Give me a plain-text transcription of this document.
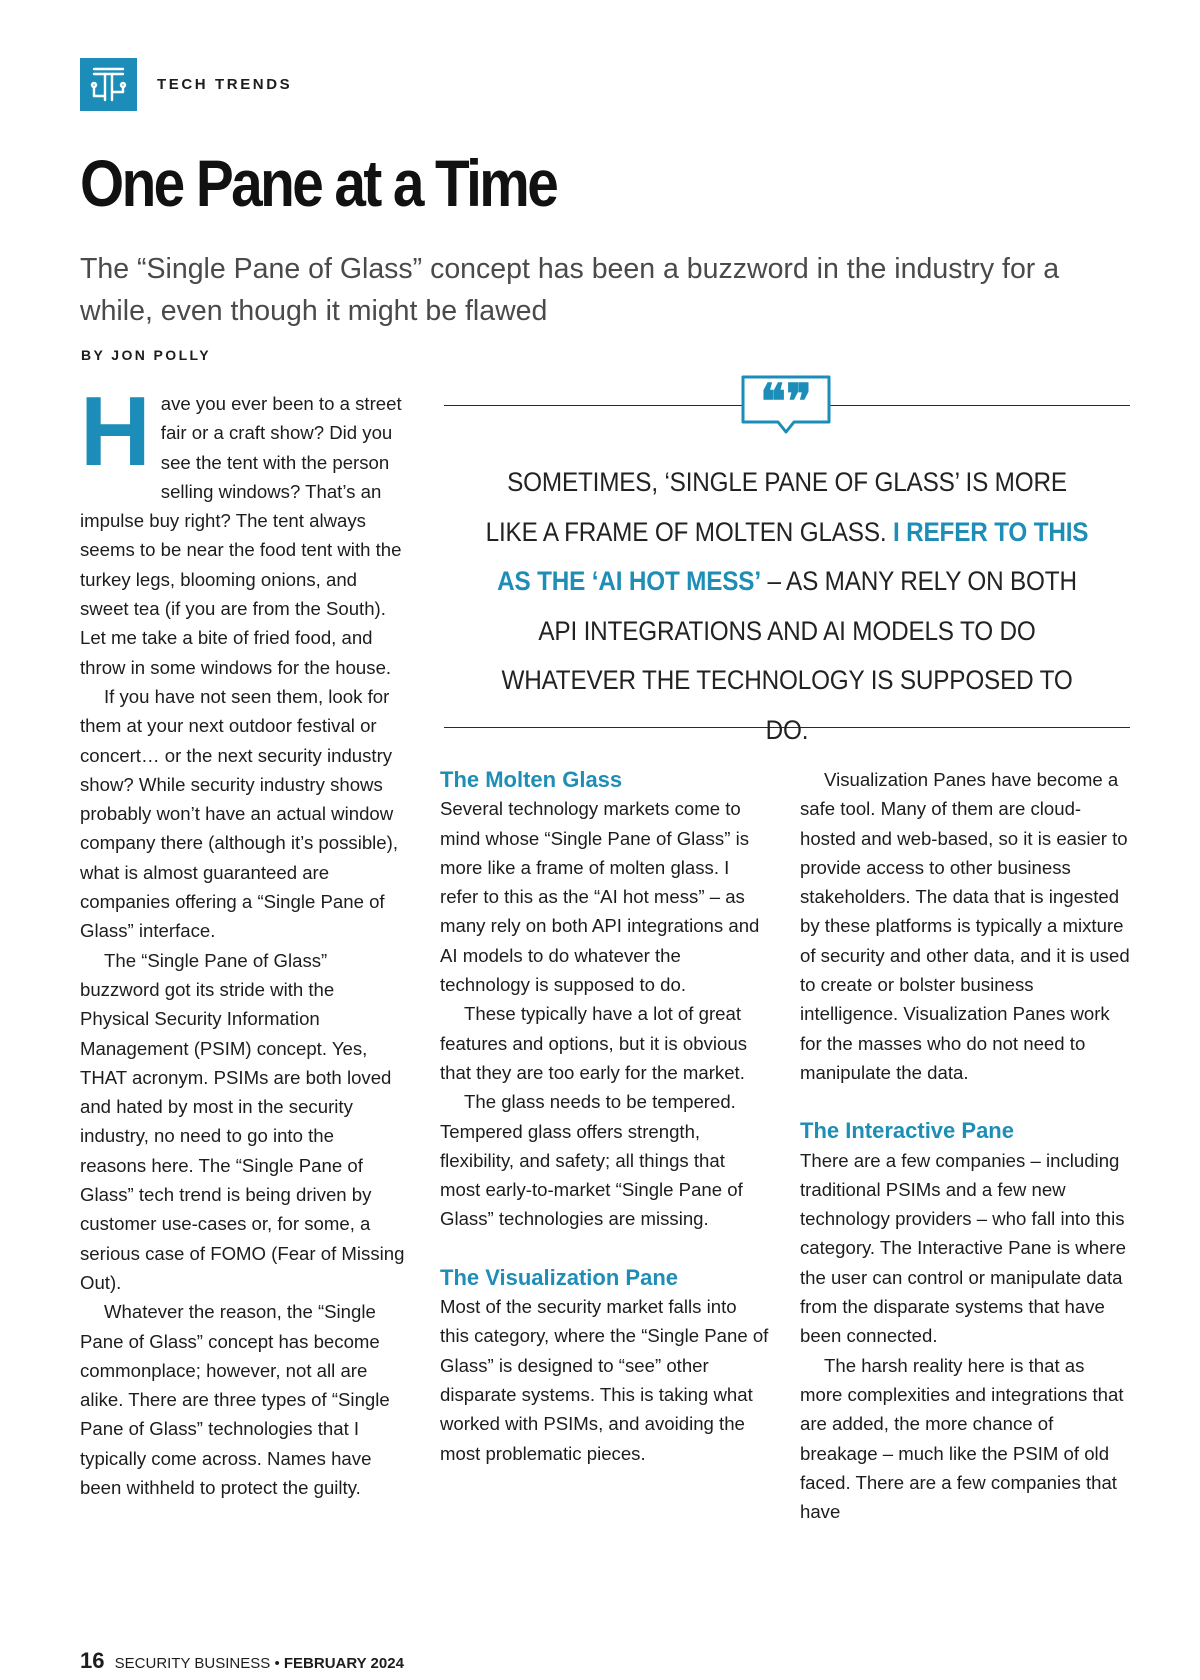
TECH TRENDS
One Pane at a Time

The “Single Pane of Glass” concept has been a buzzword in the industry for a while, even though it might be flawed

BY JON POLLY
H ave you ever been to a street fair or a craft show? Did you see the tent with the person selling windows? That’s an impulse buy right? The tent always seems to be near the food tent with the turkey legs, blooming onions, and sweet tea (if you are from the South). Let me take a bite of fried food, and throw in some windows for the house.

If you have not seen them, look for them at your next outdoor festival or concert… or the next security industry show? While security industry shows probably won’t have an actual window company there (although it’s possible), what is almost guaranteed are companies offering a “Single Pane of Glass” interface.

The “Single Pane of Glass” buzzword got its stride with the Physical Security Information Management (PSIM) concept. Yes, THAT acronym. PSIMs are both loved and hated by most in the security industry, no need to go into the reasons here. The “Single Pane of Glass” tech trend is being driven by customer use-cases or, for some, a serious case of FOMO (Fear of Missing Out).

Whatever the reason, the “Single Pane of Glass” concept has become commonplace; however, not all are alike. There are three types of “Single Pane of Glass” technologies that I typically come across. Names have been withheld to protect the guilty.

❝❞

SOMETIMES, ‘SINGLE PANE OF GLASS’ IS MORE LIKE A FRAME OF MOLTEN GLASS. I REFER TO THIS AS THE ‘AI HOT MESS’ – AS MANY RELY ON BOTH API INTEGRATIONS AND AI MODELS TO DO WHATEVER THE TECHNOLOGY IS SUPPOSED TO DO.

The Molten Glass

Several technology markets come to mind whose “Single Pane of Glass” is more like a frame of molten glass. I refer to this as the “AI hot mess” – as many rely on both API integrations and AI models to do whatever the technology is supposed to do.

These typically have a lot of great features and options, but it is obvious that they are too early for the market.

The glass needs to be tempered. Tempered glass offers strength, flexibility, and safety; all things that most early-to-market “Single Pane of Glass” technologies are missing.

The Visualization Pane

Most of the security market falls into this category, where the “Single Pane of Glass” is designed to “see” other disparate systems. This is taking what worked with PSIMs, and avoiding the most problematic pieces.

Visualization Panes have become a safe tool. Many of them are cloud-hosted and web-based, so it is easier to provide access to other business stakeholders. The data that is ingested by these platforms is typically a mixture of security and other data, and it is used to create or bolster business intelligence. Visualization Panes work for the masses who do not need to manipulate the data.

The Interactive Pane

There are a few companies – including traditional PSIMs and a few new technology providers – who fall into this category. The Interactive Pane is where the user can control or manipulate data from the disparate systems that have been connected.

The harsh reality here is that as more complexities and integrations that are added, the more chance of breakage – much like the PSIM of old faced. There are a few companies that have

16 SECURITY BUSINESS • FEBRUARY 2024
